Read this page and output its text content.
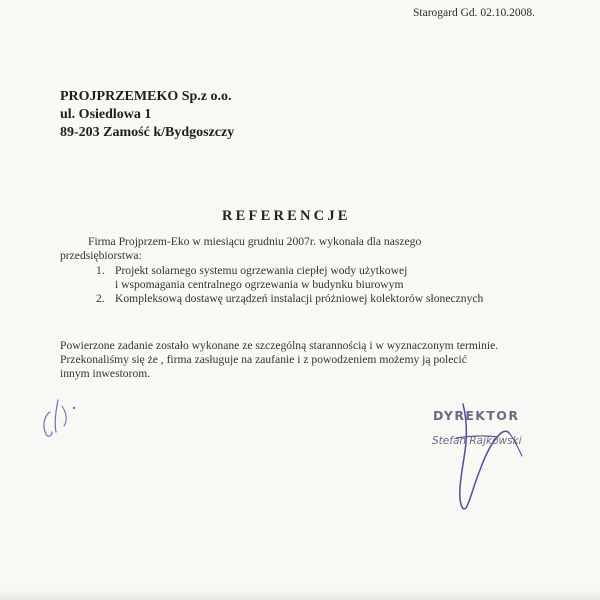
Starogard Gd. 02.10.2008.
PROJPRZEMEKO Sp.z o.o.
ul. Osiedlowa 1
89-203 Zamość k/Bydgoszczy
REFERENCJE
Firma Projprzem-Eko w miesiącu grudniu 2007r. wykonała dla naszego
przedsiębiorstwa:
1. Projekt solarnego systemu ogrzewania ciepłej wody użytkowej
i wspomagania centralnego ogrzewania w budynku biurowym
2. Kompleksową dostawę urządzeń instalacji próżniowej kolektorów słonecznych
Powierzone zadanie zostało wykonane ze szczególną starannością i w wyznaczonym terminie.
Przekonaliśmy się że , firma zasługuje na zaufanie i z powodzeniem możemy ją polecić
innym inwestorom.
DYREKTOR
Stefan Rajkowski
